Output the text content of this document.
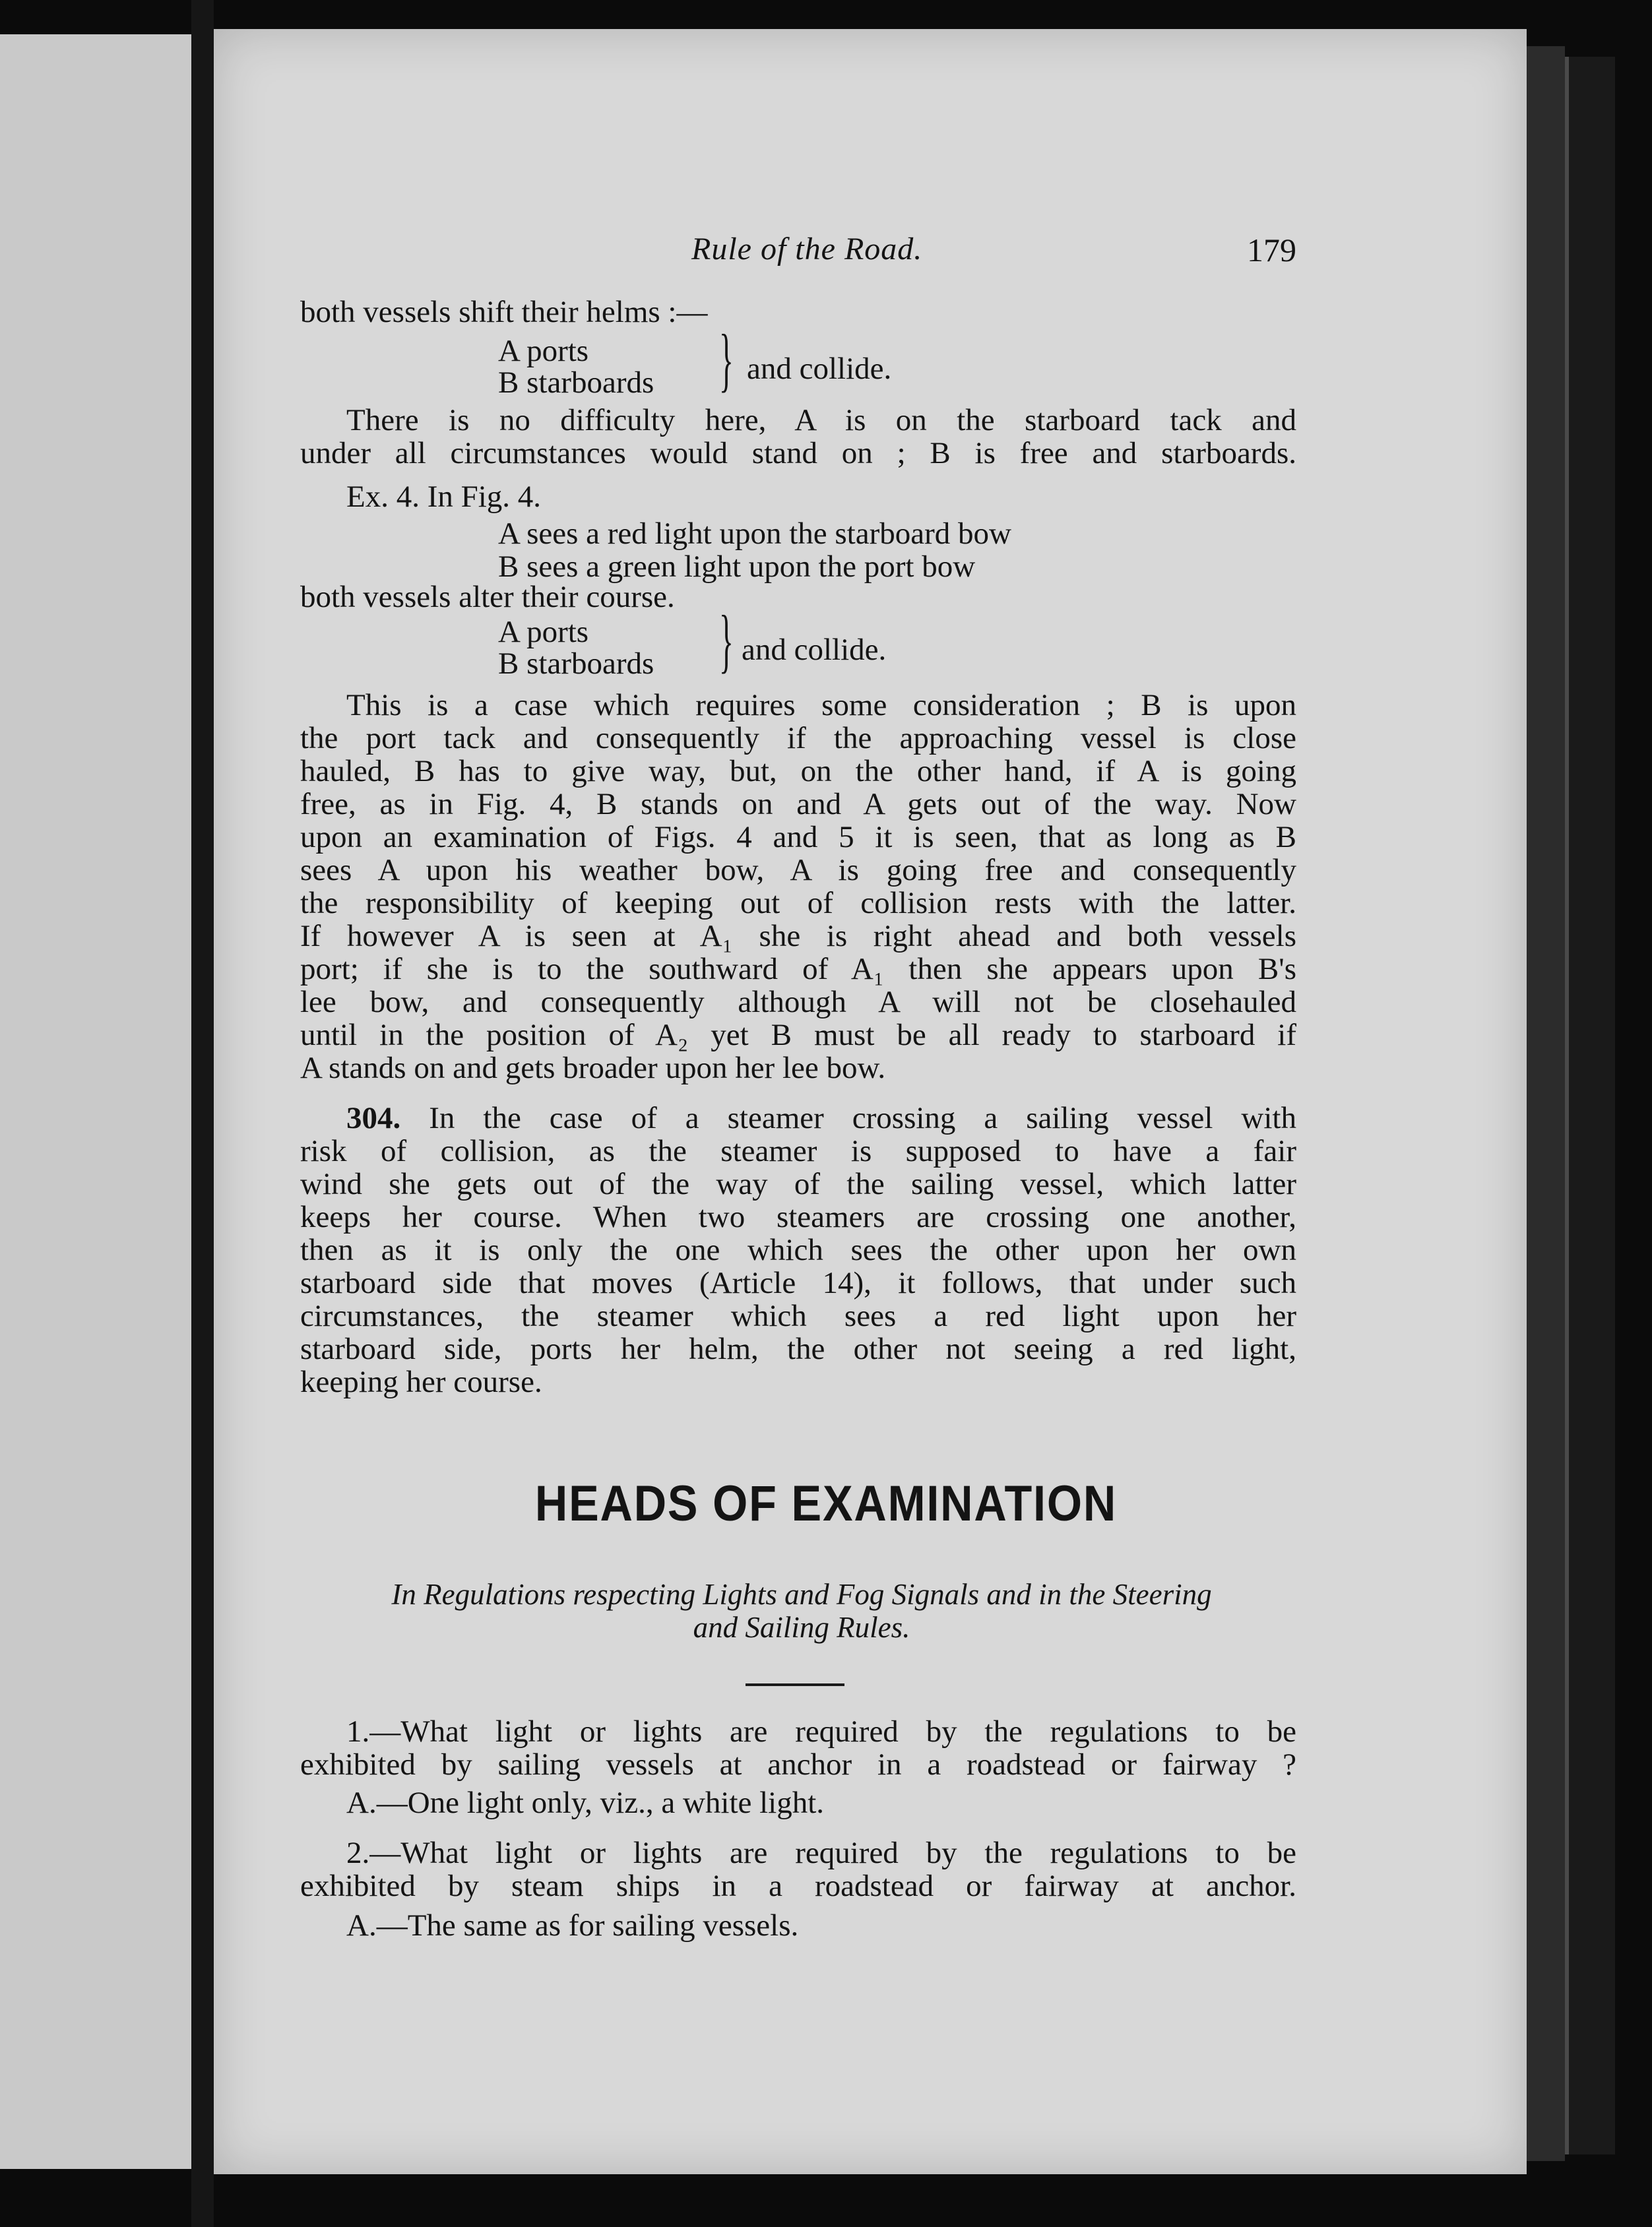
Rule of the Road.	179
both vessels shift their helms :—
A ports
B starboards } and collide.
There is no difficulty here, A is on the starboard tack and
under all circumstances would stand on ; B is free and starboards.
Ex. 4. In Fig. 4.
A sees a red light upon the starboard bow
B sees a green light upon the port bow
both vessels alter their course.
A ports
B starboards } and collide.
This is a case which requires some consideration ; B is upon
the port tack and consequently if the approaching vessel is close
hauled, B has to give way, but, on the other hand, if A is going
free, as in Fig. 4, B stands on and A gets out of the way. Now
upon an examination of Figs. 4 and 5 it is seen, that as long as B
sees A upon his weather bow, A is going free and consequently
the responsibility of keeping out of collision rests with the latter.
If however A is seen at A₁ she is right ahead and both vessels
port; if she is to the southward of A₁ then she appears upon B's
lee bow, and consequently although A will not be closehauled
until in the position of A₂ yet B must be all ready to starboard if
A stands on and gets broader upon her lee bow.
304. In the case of a steamer crossing a sailing vessel with
risk of collision, as the steamer is supposed to have a fair
wind she gets out of the way of the sailing vessel, which latter
keeps her course. When two steamers are crossing one another,
then as it is only the one which sees the other upon her own
starboard side that moves (Article 14), it follows, that under such
circumstances, the steamer which sees a red light upon her
starboard side, ports her helm, the other not seeing a red light,
keeping her course.
HEADS OF EXAMINATION
In Regulations respecting Lights and Fog Signals and in the Steering
and Sailing Rules.
1.—What light or lights are required by the regulations to be
exhibited by sailing vessels at anchor in a roadstead or fairway ?
A.—One light only, viz., a white light.
2.—What light or lights are required by the regulations to be
exhibited by steam ships in a roadstead or fairway at anchor.
A.—The same as for sailing vessels.
